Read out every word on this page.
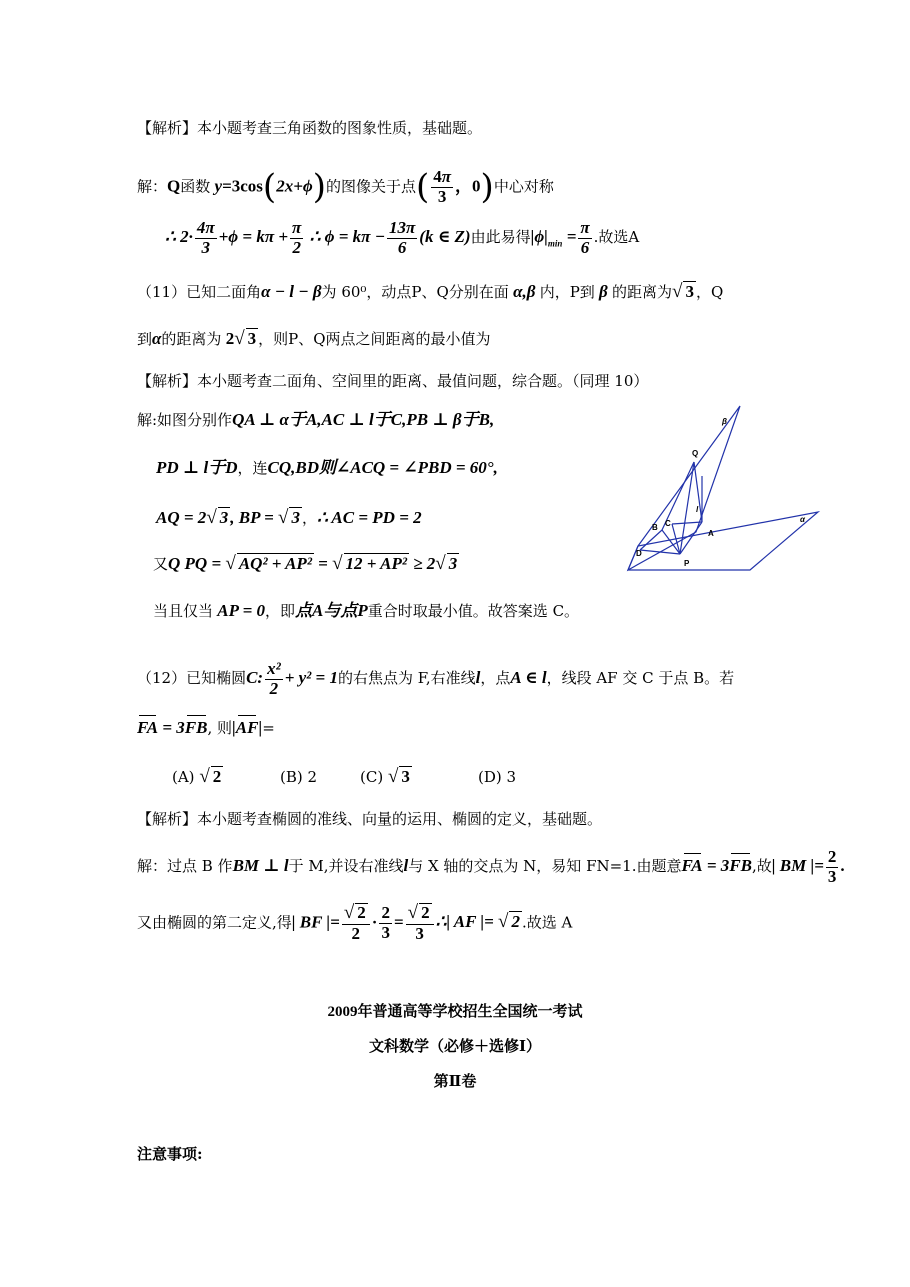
【解析】本小题考查三角函数的图象性质，基础题。
解：Q函数 y=3cos(2x+ϕ)的图像关于点( $\frac{4\pi}{3}$ ，0)中心对称
∴ $2\cdot \frac{4\pi}{3} +\phi = k\pi + \frac{\pi}{2}$ ∴ $\phi = k\pi - \frac{13\pi}{6} (k$ ∈ Z)由此易得$|\phi|_{min} = \frac{\pi}{6}$ .故选A
（11）已知二面角α − l − β为 60⁰，动点P、Q分别在面 α,β 内，P到 β 的距离为√ 3 ，Q
到α的距离为 2√ 3 ，则P、Q两点之间距离的最小值为
【解析】本小题考查二面角、空间里的距离、最值问题，综合题。（同理 10）
解:如图分别作QA ⊥ α于A,AC ⊥ l于C,PB ⊥ β于B,
PD ⊥ l于D，连CQ,BD则∠ACQ = ∠PBD = 60°,
AQ = 2√ 3 , BP = √ 3 ，∴ AC = PD = 2
又Q PQ = √ AQ² + AP² = √ 12 + AP² ≥ 2√ 3
当且仅当 AP = 0，即点A与点P重合时取最小值。故答案选 C。
Q
β
l
C
B
A
D
P
α
（12）已知椭圆C: $\frac{\text{x²}}{2} + y^2 = 1$的右焦点为 F,右准线l，点A ∈ l，线段 AF 交 C 于点 B。若
FA = 3FB, 则|AF|=
(A) √ 2	(B) 2	(C) √ 3	(D) 3
【解析】本小题考查椭圆的准线、向量的运用、椭圆的定义，基础题。
解：过点 B 作BM ⊥ l于 M,并设右准线l与 X 轴的交点为 N，易知 FN=1.由题意FA = 3FB,故| BM |= $\frac{2}{3}$ .
又由椭圆的第二定义,得| BF |= $\frac{√ 2}{2} \cdot \frac{2}{3} = \frac{√ 2}{3}$ ∴| AF |= √ 2 .故选 A
2009年普通高等学校招生全国统一考试
文科数学（必修＋选修Ⅰ）
第Ⅱ卷
注意事项:
